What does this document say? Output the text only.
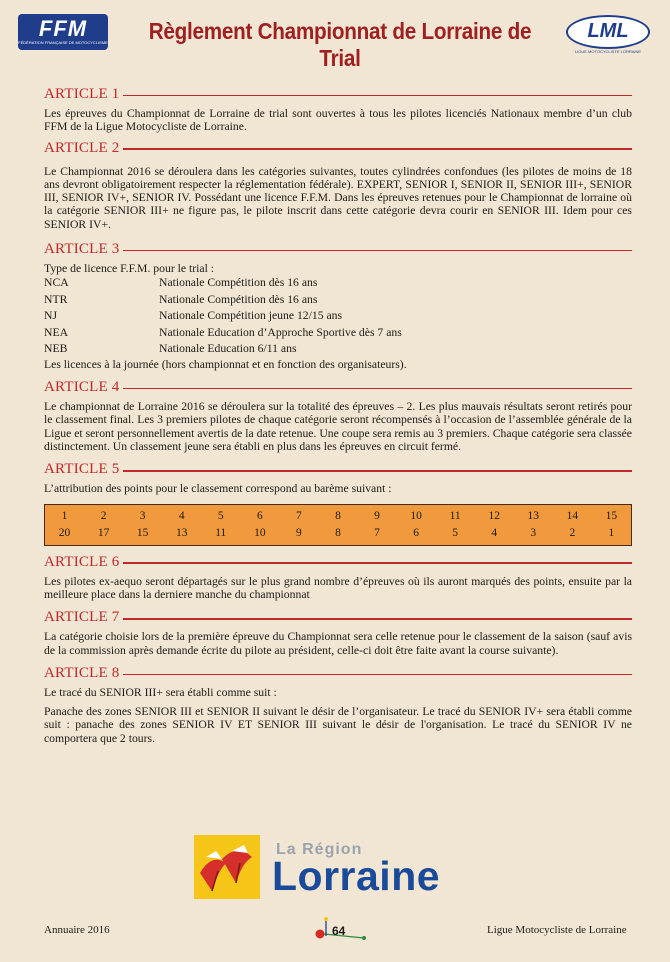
FFM
FÉDÉRATION FRANÇAISE DE MOTOCYCLISME	Règlement Championnat de Lorraine de Trial
LML
LIGUE MOTOCYCLISTE LORRAINE
ARTICLE 1

Les épreuves du Championnat de Lorraine de trial sont ouvertes à tous les pilotes licenciés Nationaux membre d’un club FFM de la Ligue Motocycliste de Lorraine.

ARTICLE 2

Le Championnat 2016 se déroulera dans les catégories suivantes, toutes cylindrées confondues (les pilotes de moins de 18 ans devront obligatoirement respecter la réglementation fédérale). EXPERT, SENIOR I, SENIOR II, SENIOR III+, SENIOR III, SENIOR IV+, SENIOR IV. Possédant une licence F.F.M. Dans les épreuves retenues pour le Championnat de lorraine où la catégorie SENIOR III+ ne figure pas, le pilote inscrit dans cette catégorie devra courir en SENIOR III. Idem pour ces SENIOR IV+.

ARTICLE 3

Type de licence F.F.M. pour le trial :

NCA	Nationale Compétition dès 16 ans
NTR	Nationale Compétition dès 16 ans
NJ	Nationale Compétition jeune 12/15 ans
NEA	Nationale Education d’Approche Sportive dès 7 ans
NEB	Nationale Education 6/11 ans

Les licences à la journée (hors championnat et en fonction des organisateurs).

ARTICLE 4

Le championnat de Lorraine 2016 se déroulera sur la totalité des épreuves – 2. Les plus mauvais résultats seront retirés pour le classement final. Les 3 premiers pilotes de chaque catégorie seront récompensés à l’occasion de l’assemblée générale de la Ligue et seront personnellement avertis de la date retenue. Une coupe sera remis au 3 premiers. Chaque catégorie sera classée distinctement. Un classement jeune sera établi en plus dans les épreuves en circuit fermé.

ARTICLE 5

L’attribution des points pour le classement correspond au barème suivant :

1	2	3	4	5	6	7	8	9	10	11	12	13	14	15
20	17	15	13	11	10	9	8	7	6	5	4	3	2	1
ARTICLE 6

Les pilotes ex-aequo seront départagés sur le plus grand nombre d’épreuves où ils auront marqués des points, ensuite par la meilleure place dans la derniere manche du championnat

ARTICLE 7

La catégorie choisie lors de la première épreuve du Championnat sera celle retenue pour le classement de la saison (sauf avis de la commission après demande écrite du pilote au président, celle-ci doit être faite avant la course suivante).

ARTICLE 8

Le tracé du SENIOR III+ sera établi comme suit :

Panache des zones SENIOR III et SENIOR II suivant le désir de l’organisateur. Le tracé du SENIOR IV+ sera établi comme suit : panache des zones SENIOR IV ET SENIOR III suivant le désir de l'organisation. Le tracé du SENIOR IV ne comportera que 2 tours.

La Région
Lorraine
Annuaire 2016	64	Ligue Motocycliste de Lorraine
